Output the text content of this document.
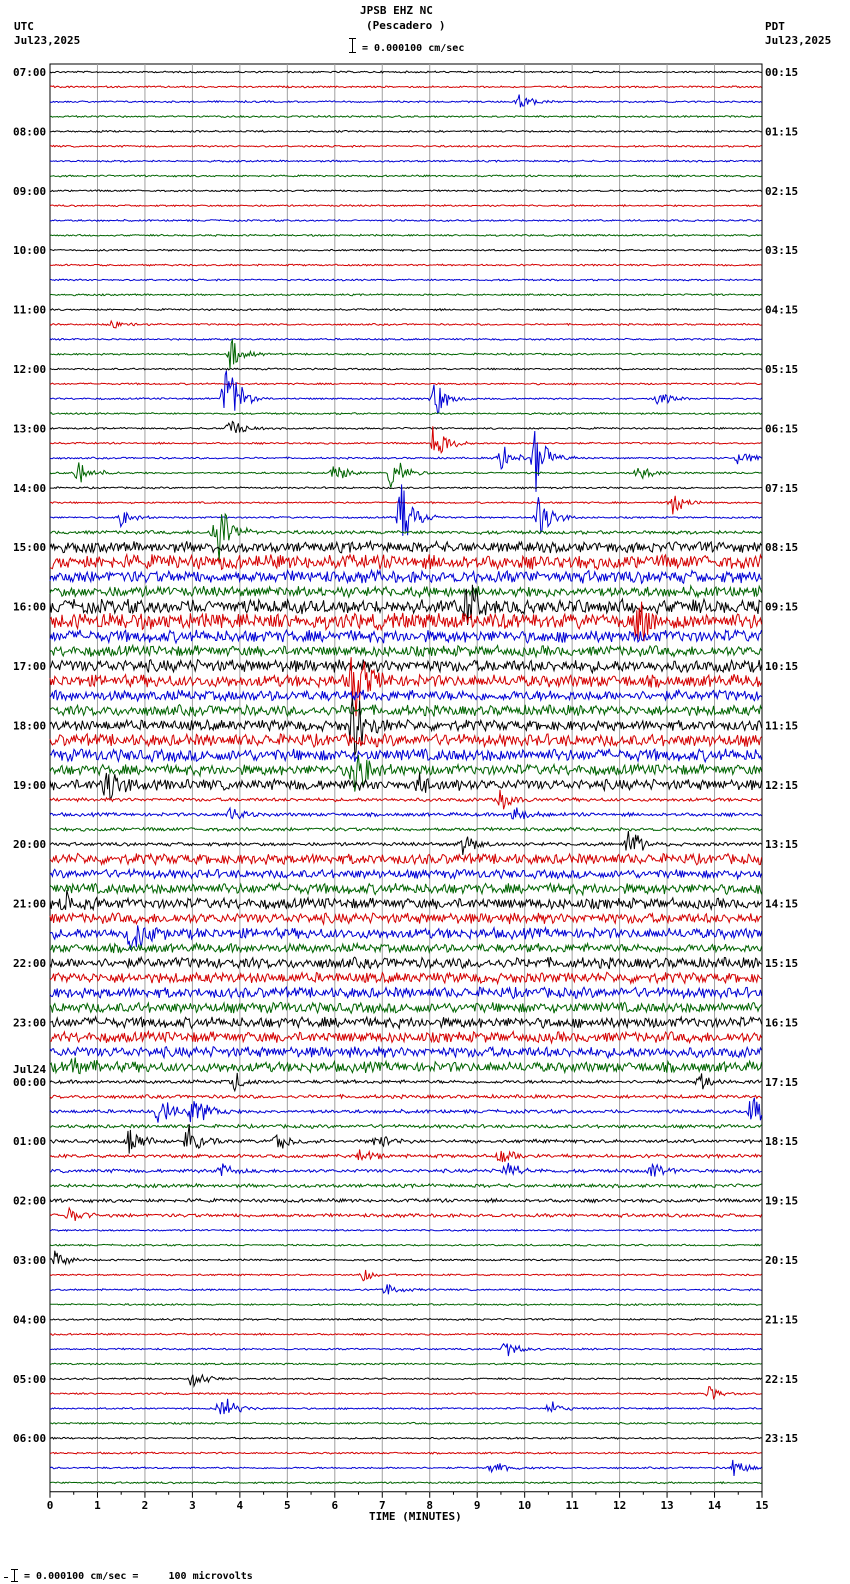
JPSB EHZ NC
(Pescadero )
UTC
Jul23,2025
PDT
Jul23,2025
= 0.000100 cm/sec
TIME (MINUTES)
= 0.000100 cm/sec =     100 microvolts
0	1	2	3	4	5	6	7	8	9	10	11	12	13	14	15
07:00	00:15
08:00	01:15
09:00	02:15
10:00	03:15
11:00	04:15
12:00	05:15
13:00	06:15
14:00	07:15
15:00	08:15
16:00	09:15
17:00	10:15
18:00	11:15
19:00	12:15
20:00	13:15
21:00	14:15
22:00	15:15
23:00	16:15
00:00	17:15
Jul24
01:00	18:15
02:00	19:15
03:00	20:15
04:00	21:15
05:00	22:15
06:00	23:15
